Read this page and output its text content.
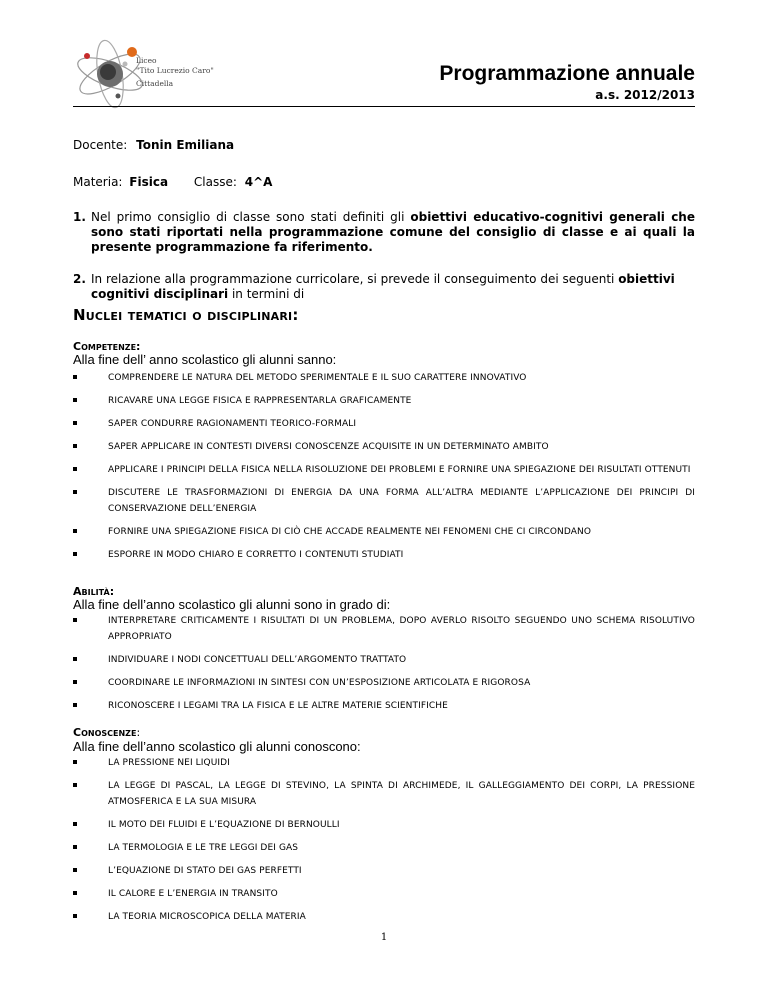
Liceo
"Tito Lucrezio Caro"
Cittadella	Programmazione annuale
a.s. 2012/2013
Docente: Tonin Emiliana
Materia: Fisica Classe: 4^A
1. Nel primo consiglio di classe sono stati definiti gli obiettivi educativo-cognitivi generali che sono stati riportati nella programmazione comune del consiglio di classe e ai quali la presente programmazione fa riferimento.
2. In relazione alla programmazione curricolare, si prevede il conseguimento dei seguenti obiettivi cognitivi disciplinari in termini di
Nuclei tematici o disciplinari:
Competenze:
Alla fine dell’ anno scolastico gli alunni sanno:
COMPRENDERE LE NATURA DEL METODO SPERIMENTALE E IL SUO CARATTERE INNOVATIVO
RICAVARE UNA LEGGE FISICA E RAPPRESENTARLA GRAFICAMENTE
SAPER CONDURRE RAGIONAMENTI TEORICO-FORMALI
SAPER APPLICARE IN CONTESTI DIVERSI CONOSCENZE ACQUISITE IN UN DETERMINATO AMBITO
APPLICARE I PRINCIPI DELLA FISICA NELLA RISOLUZIONE DEI PROBLEMI E FORNIRE UNA SPIEGAZIONE DEI RISULTATI OTTENUTI
DISCUTERE LE TRASFORMAZIONI DI ENERGIA DA UNA FORMA ALL’ALTRA MEDIANTE L’APPLICAZIONE DEI PRINCIPI DI CONSERVAZIONE DELL’ENERGIA
FORNIRE UNA SPIEGAZIONE FISICA DI CIÒ CHE ACCADE REALMENTE NEI FENOMENI CHE CI CIRCONDANO
ESPORRE IN MODO CHIARO E CORRETTO I CONTENUTI STUDIATI
Abilità:
Alla fine dell’anno scolastico gli alunni sono in grado di:
INTERPRETARE CRITICAMENTE I RISULTATI DI UN PROBLEMA, DOPO AVERLO RISOLTO SEGUENDO UNO SCHEMA RISOLUTIVO APPROPRIATO
INDIVIDUARE I NODI CONCETTUALI DELL’ARGOMENTO TRATTATO
COORDINARE LE INFORMAZIONI IN SINTESI CON UN’ESPOSIZIONE ARTICOLATA E RIGOROSA
RICONOSCERE I LEGAMI TRA LA FISICA E LE ALTRE MATERIE SCIENTIFICHE
Conoscenze:
Alla fine dell’anno scolastico gli alunni conoscono:
LA PRESSIONE NEI LIQUIDI
LA LEGGE DI PASCAL, LA LEGGE DI STEVINO, LA SPINTA DI ARCHIMEDE, IL GALLEGGIAMENTO DEI CORPI, LA PRESSIONE ATMOSFERICA E LA SUA MISURA
IL MOTO DEI FLUIDI E L’EQUAZIONE DI BERNOULLI
LA TERMOLOGIA E LE TRE LEGGI DEI GAS
L’EQUAZIONE DI STATO DEI GAS PERFETTI
IL CALORE E L’ENERGIA IN TRANSITO
LA TEORIA MICROSCOPICA DELLA MATERIA
1
